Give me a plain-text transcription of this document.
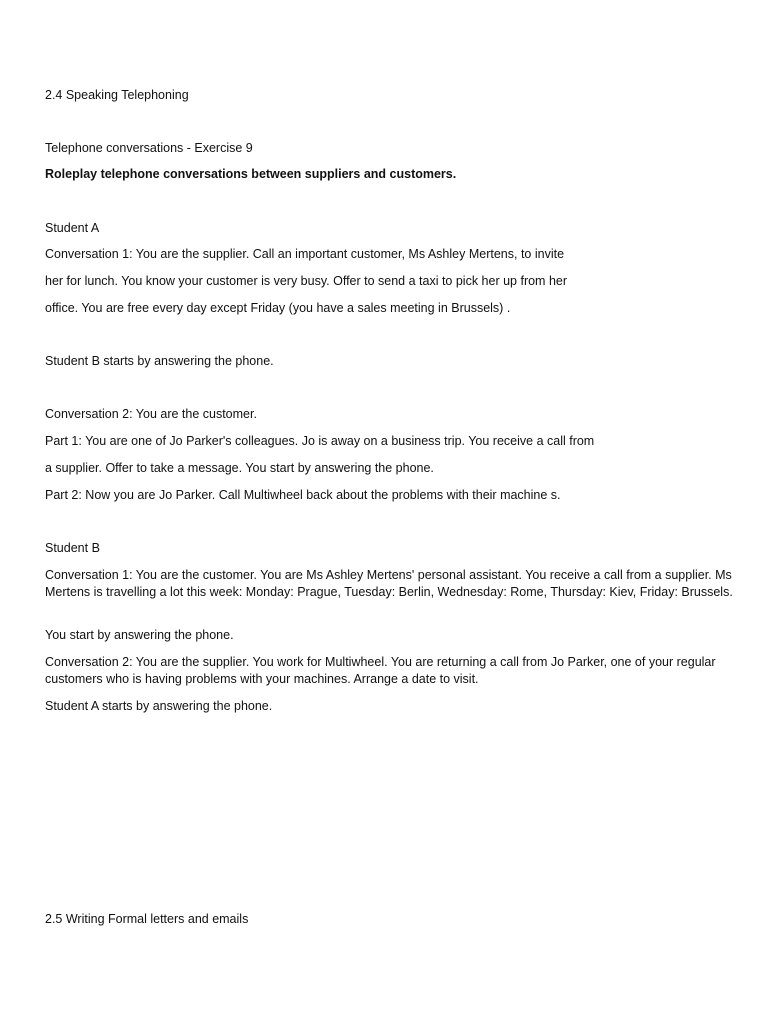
2.4 Speaking Telephoning

Telephone conversations - Exercise 9

Roleplay telephone conversations between suppliers and customers.

Student A

Conversation 1: You are the supplier. Call an important customer, Ms Ashley Mertens, to invite

her for lunch. You know your customer is very busy. Offer to send a taxi to pick her up from her

office. You are free every day except Friday (you have a sales meeting in Brussels) .

Student B starts by answering the phone.

Conversation 2: You are the customer.

Part 1: You are one of Jo Parker's colleagues. Jo is away on a business trip. You receive a call from

a supplier. Offer to take a message. You start by answering the phone.

Part 2: Now you are Jo Parker. Call Multiwheel back about the problems with their machine s.

Student B

Conversation 1: You are the customer. You are Ms Ashley Mertens' personal assistant. You receive a call from a supplier. Ms Mertens is travelling a lot this week: Monday: Prague, Tuesday: Berlin, Wednesday: Rome, Thursday: Kiev, Friday: Brussels.

You start by answering the phone.

Conversation 2: You are the supplier. You work for Multiwheel. You are returning a call from Jo Parker, one of your regular customers who is having problems with your machines. Arrange a date to visit.

Student A starts by answering the phone.

2.5 Writing Formal letters and emails
